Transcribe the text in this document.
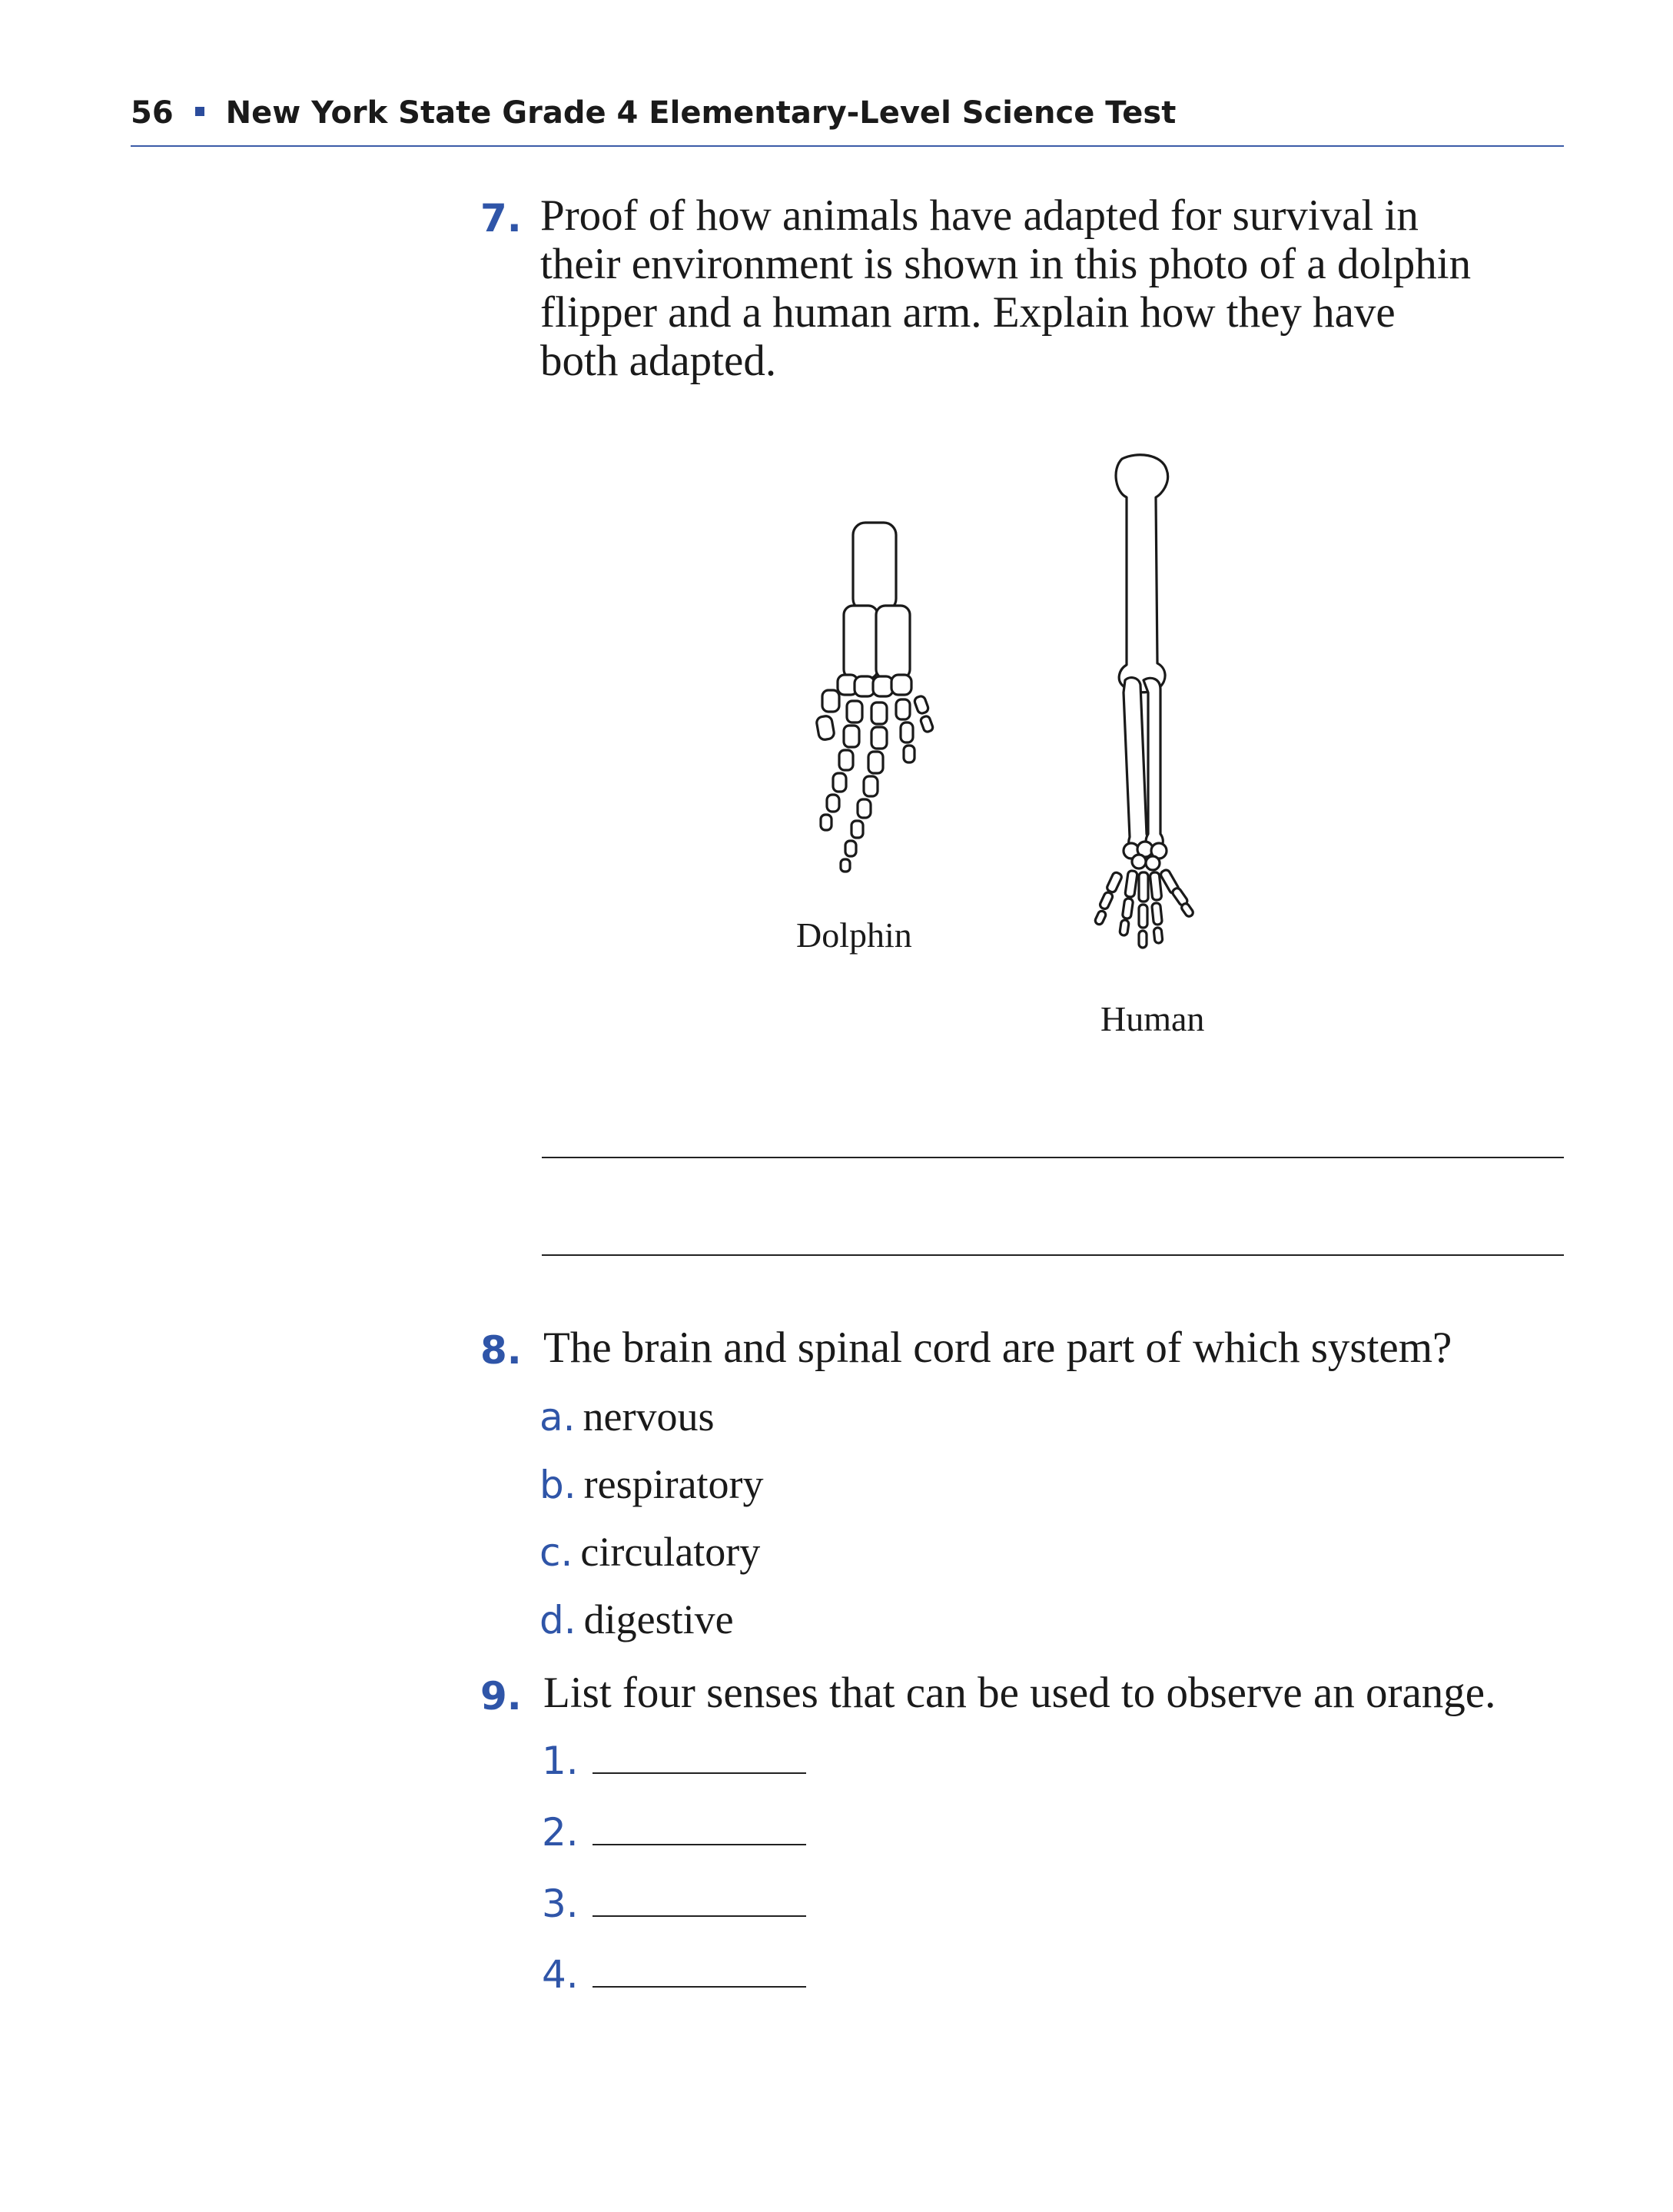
56 New York State Grade 4 Elementary-Level Science Test
7. Proof of how animals have adapted for survival in
their environment is shown in this photo of a dolphin
flipper and a human arm. Explain how they have
both adapted.
Dolphin
Human
8. The brain and spinal cord are part of which system?
a. nervous
b. respiratory
c. circulatory
d. digestive
9. List four senses that can be used to observe an orange.
1.
2.
3.
4.
